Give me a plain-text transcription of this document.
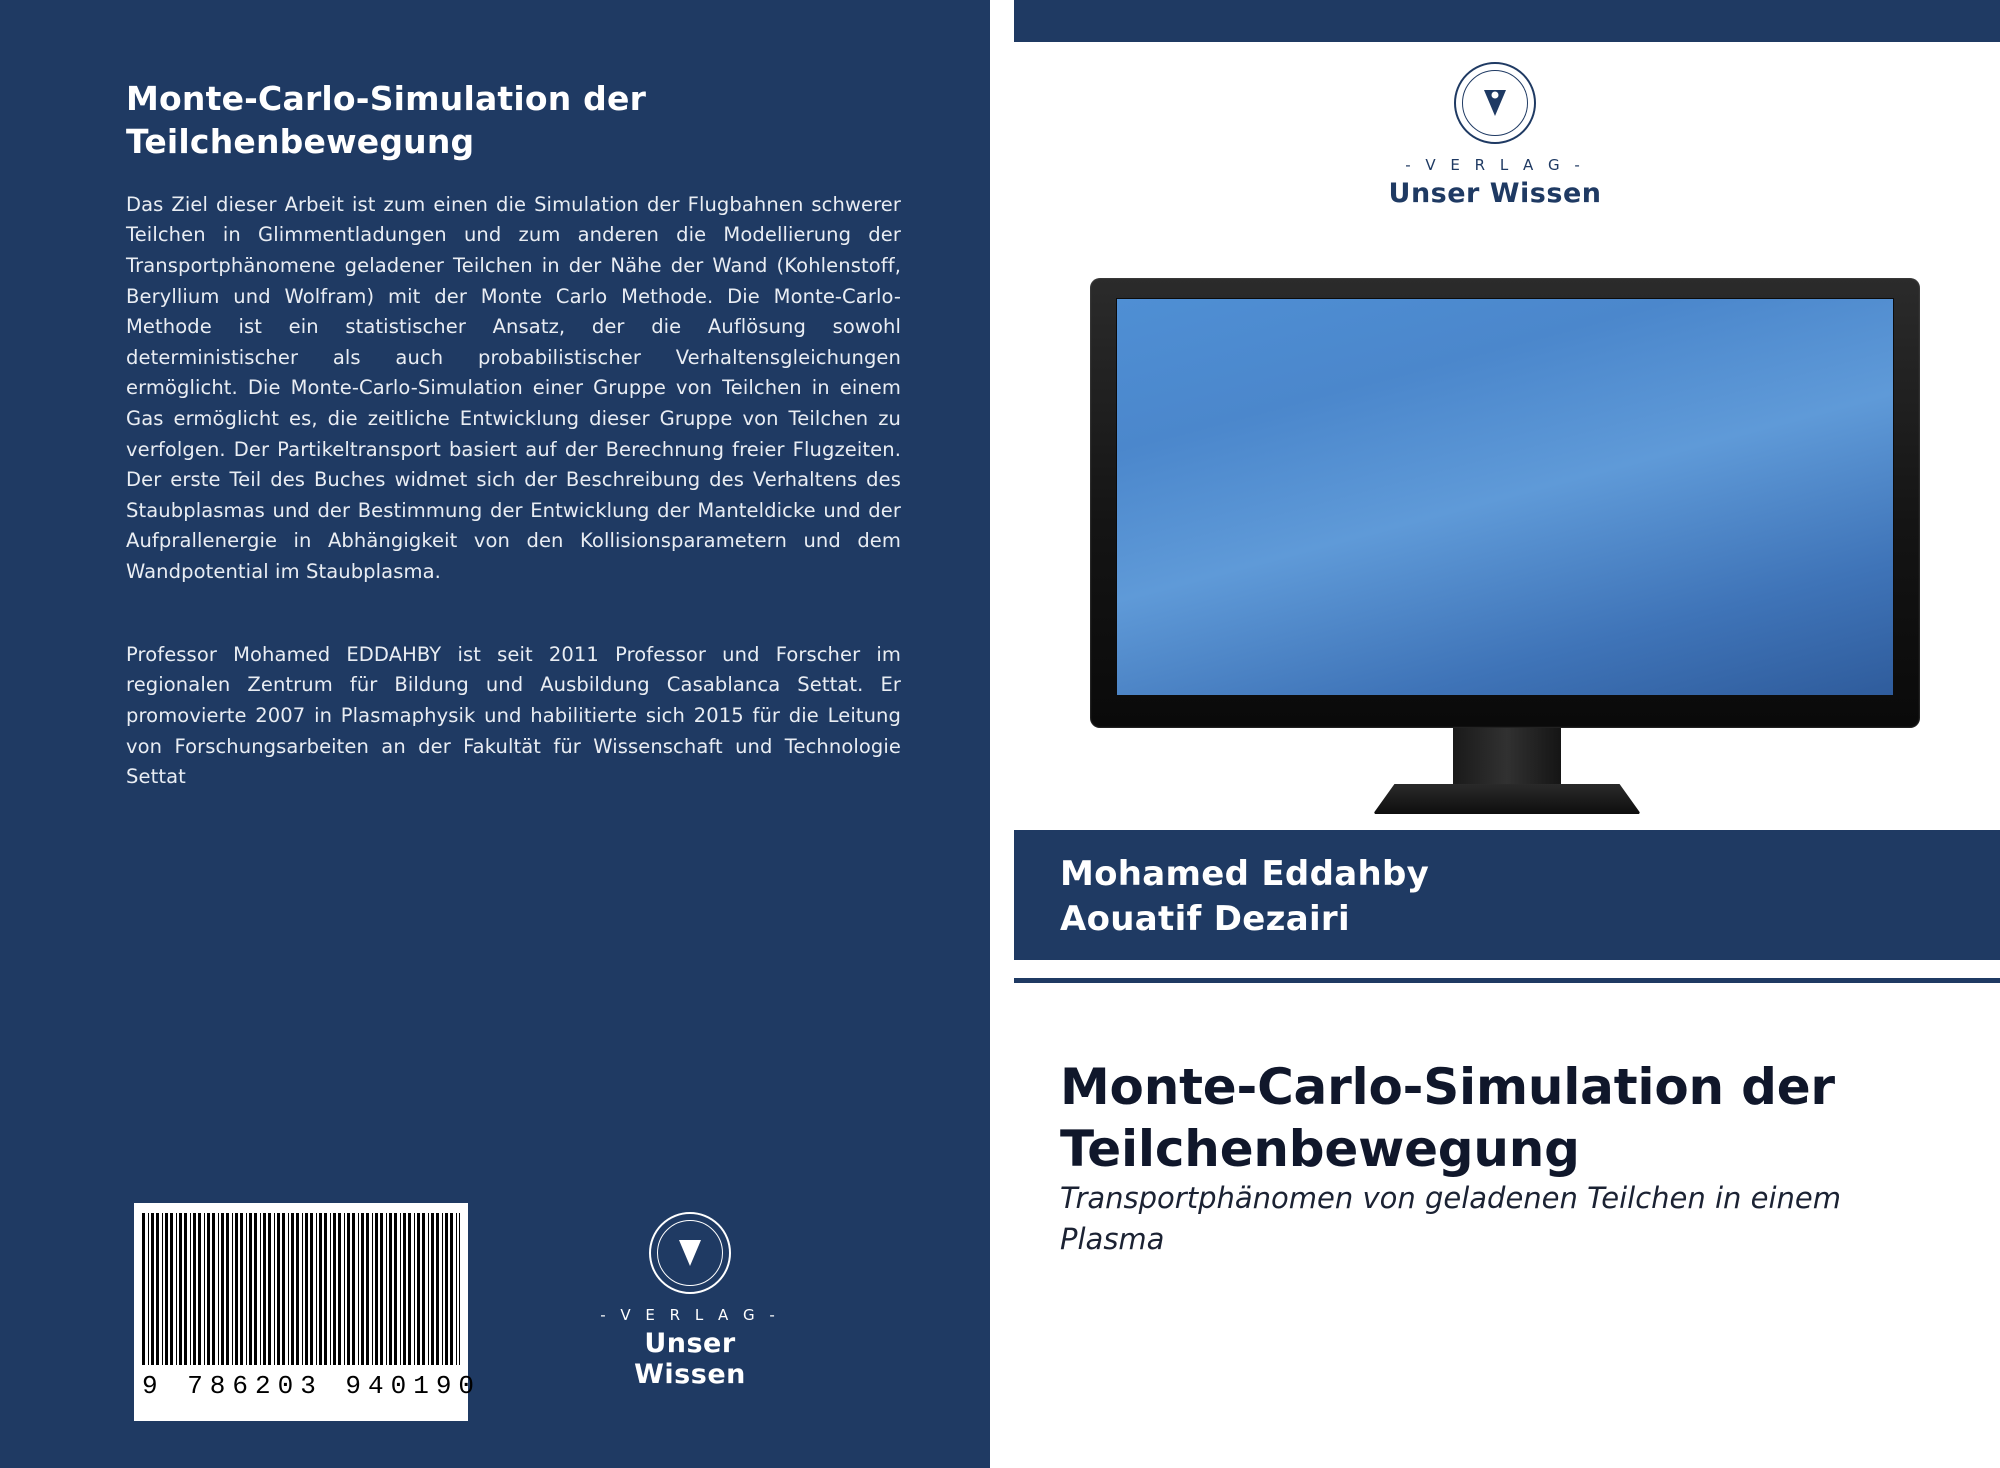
Monte-Carlo-Simulation der Teilchenbewegung

Das Ziel dieser Arbeit ist zum einen die Simulation der Flugbahnen schwerer Teilchen in Glimmentladungen und zum anderen die Modellierung der Transportphänomene geladener Teilchen in der Nähe der Wand (Kohlenstoff, Beryllium und Wolfram) mit der Monte Carlo Methode. Die Monte-Carlo-Methode ist ein statistischer Ansatz, der die Auflösung sowohl deterministischer als auch probabilistischer Verhaltensgleichungen ermöglicht. Die Monte-Carlo-Simulation einer Gruppe von Teilchen in einem Gas ermöglicht es, die zeitliche Entwicklung dieser Gruppe von Teilchen zu verfolgen. Der Partikeltransport basiert auf der Berechnung freier Flugzeiten. Der erste Teil des Buches widmet sich der Beschreibung des Verhaltens des Staubplasmas und der Bestimmung der Entwicklung der Manteldicke und der Aufprallenergie in Abhängigkeit von den Kollisionsparametern und dem Wandpotential im Staubplasma.

Professor Mohamed EDDAHBY ist seit 2011 Professor und Forscher im regionalen Zentrum für Bildung und Ausbildung Casablanca Settat. Er promovierte 2007 in Plasmaphysik und habilitierte sich 2015 für die Leitung von Forschungsarbeiten an der Fakultät für Wissenschaft und Technologie Settat

9 786203 940190
- V E R L A G -
Unser Wissen
- V E R L A G -
Unser Wissen
Mohamed Eddahby
Aouatif Dezairi
Monte-Carlo-Simulation der Teilchenbewegung
Transportphänomen von geladenen Teilchen in einem Plasma
